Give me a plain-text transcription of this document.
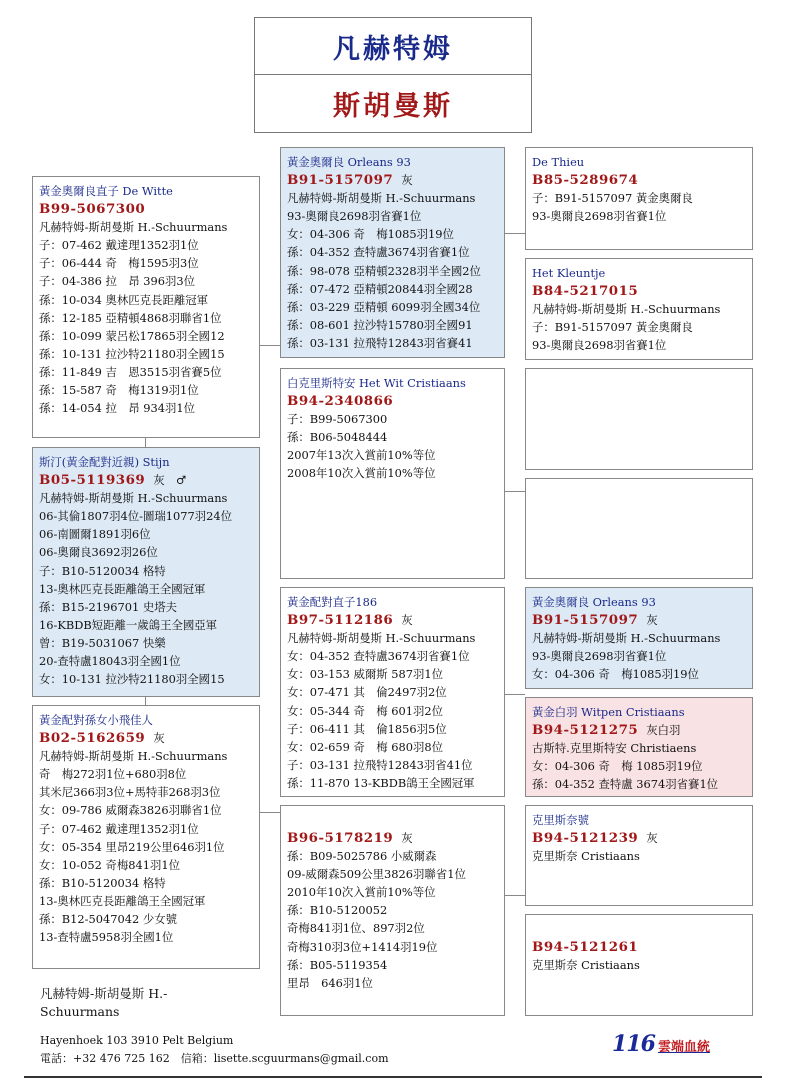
凡赫特姆
斯胡曼斯
黃金奧爾良直子 De Witte
B99-5067300
凡赫特姆-斯胡曼斯 H.-Schuurmans
子：07-462 戴達理1352羽1位
子：06-444 奇　梅1595羽3位
子：04-386 拉　昂 396羽3位
孫：10-034 奧林匹克長距離冠軍
孫：12-185 亞精頓4868羽聯省1位
孫：10-099 蒙呂松17865羽全國12
孫：10-131 拉沙特21180羽全國15
孫：11-849 吉　恩3515羽省賽5位
孫：15-587 奇　梅1319羽1位
孫：14-054 拉　昂 934羽1位
斯汀(黃金配對近親) Stijn
B05-5119369 灰　♂
凡赫特姆-斯胡曼斯 H.-Schuurmans
06-其倫1807羽4位-圖瑞1077羽24位
06-南圖爾1891羽6位
06-奧爾良3692羽26位
子：B10-5120034 格特
13-奧林匹克長距離鴿王全國冠軍
孫：B15-2196701 史塔夫
16-KBDB短距離一歲鴿王全國亞軍
曾：B19-5031067 快樂
20-查特盧18043羽全國1位
女：10-131 拉沙特21180羽全國15
黃金配對孫女小飛佳人
B02-5162659 灰
凡赫特姆-斯胡曼斯 H.-Schuurmans
奇　梅272羽1位+680羽8位
其米尼366羽3位+馬特菲268羽3位
女：09-786 威爾森3826羽聯省1位
子：07-462 戴達理1352羽1位
女：05-354 里昂219公里646羽1位
女：10-052 奇梅841羽1位
孫：B10-5120034 格特
13-奧林匹克長距離鴿王全國冠軍
孫：B12-5047042 少女號
13-查特盧5958羽全國1位
黃金奧爾良 Orleans 93
B91-5157097 灰
凡赫特姆-斯胡曼斯 H.-Schuurmans
93-奧爾良2698羽省賽1位
女：04-306 奇　梅1085羽19位
孫：04-352 查特盧3674羽省賽1位
孫：98-078 亞精頓2328羽半全國2位
孫：07-472 亞精頓20844羽全國28
孫：03-229 亞精頓 6099羽全國34位
孫：08-601 拉沙特15780羽全國91
孫：03-131 拉飛特12843羽省賽41
白克里斯特安 Het Wit Cristiaans
B94-2340866
子：B99-5067300
孫：B06-5048444
2007年13次入賞前10%等位
2008年10次入賞前10%等位
黃金配對直子186
B97-5112186 灰
凡赫特姆-斯胡曼斯 H.-Schuurmans
女：04-352 查特盧3674羽省賽1位
女：03-153 威爾斯 587羽1位
女：07-471 其　倫2497羽2位
女：05-344 奇　梅 601羽2位
子：06-411 其　倫1856羽5位
女：02-659 奇　梅 680羽8位
子：03-131 拉飛特12843羽省41位
孫：11-870 13-KBDB鴿王全國冠軍
B96-5178219 灰
孫：B09-5025786 小威爾森
09-威爾森509公里3826羽聯省1位
2010年10次入賞前10%等位
孫：B10-5120052
奇梅841羽1位、897羽2位
奇梅310羽3位+1414羽19位
孫：B05-5119354
里昂　646羽1位
De Thieu
B85-5289674
子：B91-5157097 黃金奧爾良
93-奧爾良2698羽省賽1位
Het Kleuntje
B84-5217015
凡赫特姆-斯胡曼斯 H.-Schuurmans
子：B91-5157097 黃金奧爾良
93-奧爾良2698羽省賽1位
黃金奧爾良 Orleans 93
B91-5157097 灰
凡赫特姆-斯胡曼斯 H.-Schuurmans
93-奧爾良2698羽省賽1位
女：04-306 奇　梅1085羽19位
黃金白羽 Witpen Cristiaans
B94-5121275 灰白羽
古斯特.克里斯特安 Christiaens
女：04-306 奇　梅 1085羽19位
孫：04-352 查特盧 3674羽省賽1位
克里斯奈號
B94-5121239 灰
克里斯奈 Cristiaans
B94-5121261
克里斯奈 Cristiaans
凡赫特姆-斯胡曼斯 H.-Schuurmans
Hayenhoek 103 3910 Pelt Belgium
電話：+32 476 725 162　信箱：lisette.scguurmans@gmail.com
116 雲端血統
